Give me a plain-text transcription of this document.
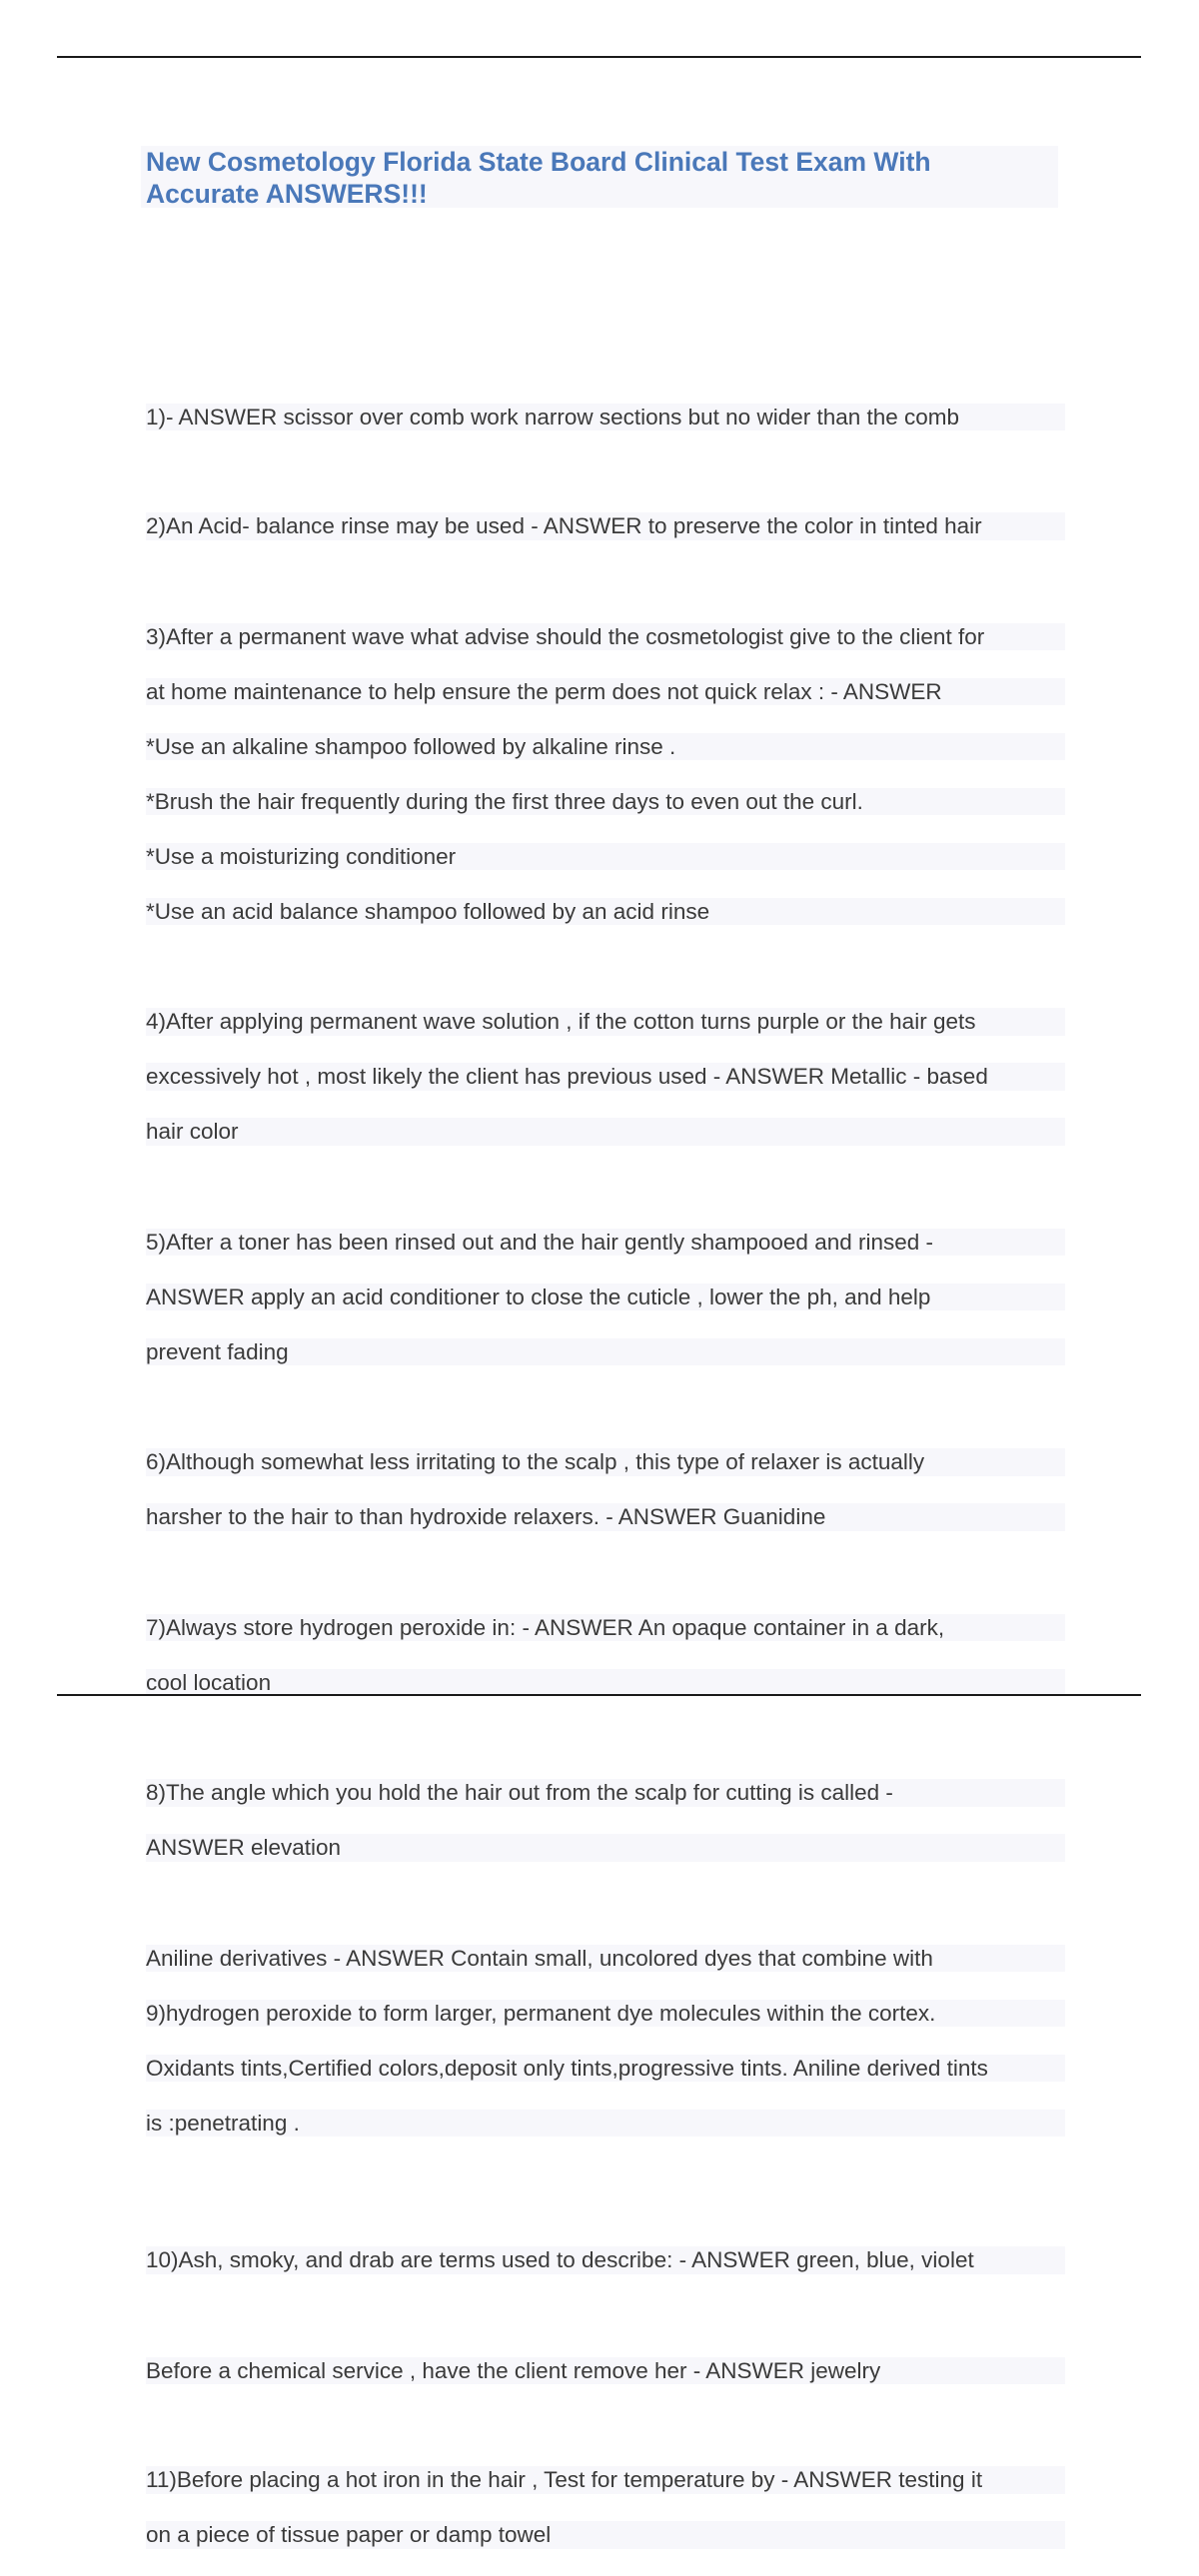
New Cosmetology Florida State Board Clinical Test Exam With Accurate ANSWERS!!!

1)- ANSWER scissor over comb work narrow sections but no wider than the comb

2)An Acid- balance rinse may be used - ANSWER to preserve the color in tinted hair

3)After a permanent wave what advise should the cosmetologist give to the client for

at home maintenance to help ensure the perm does not quick relax : - ANSWER

*Use an alkaline shampoo followed by alkaline rinse .

*Brush the hair frequently during the first three days to even out the curl.

*Use a moisturizing conditioner

*Use an acid balance shampoo followed by an acid rinse

4)After applying permanent wave solution , if the cotton turns purple or the hair gets

excessively hot , most likely the client has previous used - ANSWER Metallic - based

hair color

5)After a toner has been rinsed out and the hair gently shampooed and rinsed -

ANSWER apply an acid conditioner to close the cuticle , lower the ph, and help

prevent fading

6)Although somewhat less irritating to the scalp , this type of relaxer is actually

harsher to the hair to than hydroxide relaxers. - ANSWER Guanidine

7)Always store hydrogen peroxide in: - ANSWER An opaque container in a dark,

cool location

8)The angle which you hold the hair out from the scalp for cutting is called -

ANSWER elevation

Aniline derivatives - ANSWER Contain small, uncolored dyes that combine with

9)hydrogen peroxide to form larger, permanent dye molecules within the cortex.

Oxidants tints,Certified colors,deposit only tints,progressive tints. Aniline derived tints

is :penetrating .

10)Ash, smoky, and drab are terms used to describe: - ANSWER green, blue, violet

Before a chemical service , have the client remove her - ANSWER jewelry

11)Before placing a hot iron in the hair , Test for temperature by - ANSWER testing it

on a piece of tissue paper or damp towel
